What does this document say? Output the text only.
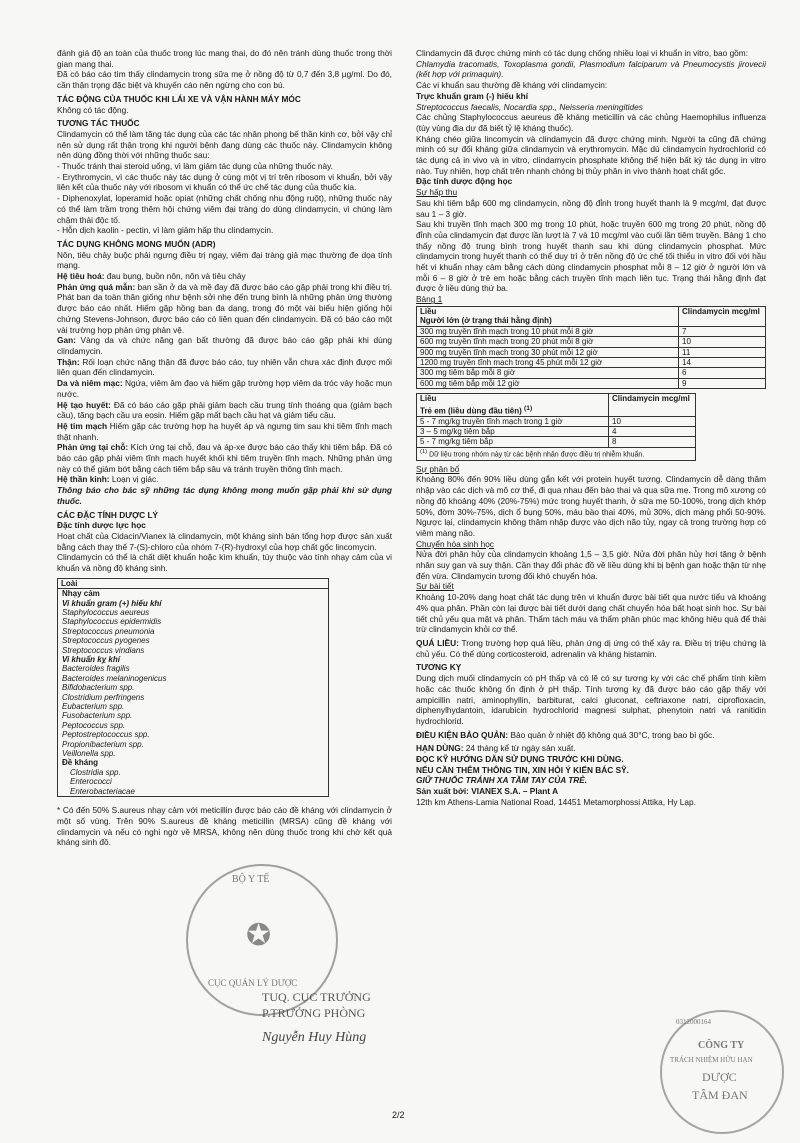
đánh giá độ an toàn của thuốc trong lúc mang thai, do đó nên tránh dùng thuốc trong thời gian mang thai.

Đã có báo cáo tìm thấy clindamycin trong sữa mẹ ở nồng độ từ 0,7 đến 3,8 µg/ml. Do đó, cần thận trọng đặc biệt và khuyến cáo nên ngừng cho con bú.

TÁC ĐỘNG CỦA THUỐC KHI LÁI XE VÀ VẬN HÀNH MÁY MÓC

Không có tác động.

TƯƠNG TÁC THUỐC

Clindamycin có thể làm tăng tác dụng của các tác nhân phong bế thần kinh cơ, bởi vậy chỉ nên sử dụng rất thận trọng khi người bệnh đang dùng các thuốc này. Clindamycin không nên dùng đồng thời với những thuốc sau:

- Thuốc tránh thai steroid uống, vì làm giảm tác dụng của những thuốc này.

- Erythromycin, vì các thuốc này tác dụng ở cùng một vị trí trên ribosom vi khuẩn, bởi vậy liên kết của thuốc này với ribosom vi khuẩn có thể ức chế tác dụng của thuốc kia.

- Diphenoxylat, loperamid hoặc opiat (những chất chống nhu động ruột), những thuốc này có thể làm trầm trọng thêm hội chứng viêm đại tràng do dùng clindamycin, vì chúng làm chậm thải độc tố.

- Hỗn dịch kaolin - pectin, vì làm giảm hấp thu clindamycin.

TÁC DỤNG KHÔNG MONG MUỐN (ADR)

Nôn, tiêu chảy buộc phải ngưng điều trị ngay, viêm đại tràng giả mạc thường đe dọa tính mạng.

Hệ tiêu hoá: đau bụng, buồn nôn, nôn và tiêu chảy

Phản ứng quá mẫn: ban sần ở da và mề đay đã được báo cáo gặp phải trong khi điều trị. Phát ban da toàn thân giống như bệnh sởi nhẹ đến trung bình là những phản ứng thường được báo cáo nhất. Hiếm gặp hồng ban đa dạng, trong đó một vài biểu hiện giống hội chứng Stevens-Johnson, được báo cáo có liên quan đến clindamycin. Đã có báo cáo một vài trường hợp phản ứng phản vệ.

Gan: Vàng da và chức năng gan bất thường đã được báo cáo gặp phải khi dùng clindamycin.

Thận: Rối loạn chức năng thận đã được báo cáo, tuy nhiên vẫn chưa xác định được mối liên quan đến clindamycin.

Da và niêm mạc: Ngứa, viêm âm đạo và hiếm gặp trường hợp viêm da tróc vảy hoặc mụn nước.

Hệ tạo huyết: Đã có báo cáo gặp phải giảm bạch cầu trung tính thoáng qua (giảm bạch cầu), tăng bạch cầu ưa eosin. Hiếm gặp mất bạch cầu hạt và giảm tiểu cầu.

Hệ tim mạch Hiếm gặp các trường hợp hạ huyết áp và ngưng tim sau khi tiêm tĩnh mạch thật nhanh.

Phản ứng tại chỗ: Kích ứng tại chỗ, đau và áp-xe được báo cáo thấy khi tiêm bắp. Đã có báo cáo gặp phải viêm tĩnh mạch huyết khối khi tiêm truyền tĩnh mạch. Những phản ứng này có thể giảm bớt bằng cách tiêm bắp sâu và tránh truyền thông tĩnh mạch.

Hệ thần kinh: Loạn vị giác.

Thông báo cho bác sỹ những tác dụng không mong muốn gặp phải khi sử dụng thuốc.

CÁC ĐẶC TÍNH DƯỢC LÝ

Đặc tính dược lực học

Hoạt chất của Cidacin/Vianex là clindamycin, một kháng sinh bán tổng hợp được sản xuất bằng cách thay thế 7-(S)-chloro của nhóm 7-(R)-hydroxyl của hợp chất gốc lincomycin.

Clindamycin có thể là chất diệt khuẩn hoặc kìm khuẩn, tùy thuộc vào tính nhạy cảm của vi khuẩn và nồng độ kháng sinh.

Loài
Nhạy cảm
Vi khuẩn gram (+) hiếu khí
Staphylococcus aeureus
Staphylococcus epidermidis
Streptococcus pneumonia
Streptococcus pyogenes
Streptococcus vindians
Vi khuẩn kỵ khí
Bacteroides fragilis
Bacteroides melaninogenicus
Bifidobacterium spp.
Clostridium perfringens
Eubacterium spp.
Fusobacterium spp.
Peptococcus spp.
Peptostreptococcus spp.
Propionibacterium spp.
Veillonella spp.
Đề kháng
Clostridia spp.
Enterococci
Enterobacteriacae

* Có đến 50% S.aureus nhạy cảm với meticillin được báo cáo đề kháng với clindamycin ở một số vùng. Trên 90% S.aureus đề kháng meticillin (MRSA) cũng đề kháng với clindamycin và nếu có nghi ngờ về MRSA, không nên dùng thuốc trong khi chờ kết quả kháng sinh đồ.

Clindamycin đã được chứng minh có tác dụng chống nhiều loại vi khuẩn in vitro, bao gồm:

Chlamydia tracomatis, Toxoplasma gondii, Plasmodium falciparum và Pneumocystis jirovecii (kết hợp với primaquin).

Các vi khuẩn sau thường đề kháng với clindamycin:

Trực khuẩn gram (-) hiếu khí

Streptococcus faecalis, Nocardia spp., Neisseria meningitides

Các chủng Staphylococcus aeureus đề kháng meticillin và các chủng Haemophilus influenza (tùy vùng địa dư đã biết tỷ lệ kháng thuốc).

Kháng chéo giữa lincomycin và clindamycin đã được chứng minh. Người ta cũng đã chứng minh có sự đối kháng giữa clindamycin và erythromycin. Mặc dù clindamycin hydrochlorid có tác dụng cả in vivo và in vitro, clindamycin phosphate không thể hiện bất kỳ tác dụng in vitro nào. Tuy nhiên, hợp chất trên nhanh chóng bị thủy phân in vivo thành hoạt chất gốc.

Đặc tính dược động học

Sự hấp thu

Sau khi tiêm bắp 600 mg clindamycin, nồng độ đỉnh trong huyết thanh là 9 mcg/ml, đạt được sau 1 – 3 giờ.

Sau khi truyền tĩnh mạch 300 mg trong 10 phút, hoặc truyền 600 mg trong 20 phút, nồng độ đỉnh của clindamycin đạt được lần lượt là 7 và 10 mcg/ml vào cuối lần tiêm truyền. Bảng 1 cho thấy nồng độ trung bình trong huyết thanh sau khi dùng clindamycin phosphat. Mức clindamycin trong huyết thanh có thể duy trì ở trên nồng độ ức chế tối thiểu in vitro đối với hầu hết vi khuẩn nhạy cảm bằng cách dùng clindamycin phosphat mỗi 8 – 12 giờ ở người lớn và mỗi 6 – 8 giờ ở trẻ em hoặc bằng cách truyền tĩnh mạch liên tục. Trạng thái hằng định đạt được ở liều dùng thứ ba.

Bảng 1

Liều
Người lớn (ở trạng thái hằng định)	Clindamycin mcg/ml
300 mg truyền tĩnh mạch trong 10 phút mỗi 8 giờ	7
600 mg truyền tĩnh mạch trong 20 phút mỗi 8 giờ	10
900 mg truyền tĩnh mạch trong 30 phút mỗi 12 giờ	11
1200 mg truyền tĩnh mạch trong 45 phút mỗi 12 giờ	14
300 mg tiêm bắp mỗi 8 giờ	6
600 mg tiêm bắp mỗi 12 giờ	9
Liều
Trẻ em (liều dùng đầu tiên) $^{(1)}$	Clindamycin mcg/ml
5 - 7 mg/kg truyền tĩnh mạch trong 1 giờ	10
3 – 5 mg/kg tiêm bắp	4
5 - 7 mg/kg tiêm bắp	8
$^{(1)}$ Dữ liệu trong nhóm này từ các bệnh nhân được điều trị nhiễm khuẩn.	

Sự phân bố

Khoảng 80% đến 90% liều dùng gắn kết với protein huyết tương. Clindamycin dễ dàng thâm nhập vào các dịch và mô cơ thể, đi qua nhau đến bào thai và qua sữa mẹ. Trong mô xương có nồng độ khoảng 40% (20%-75%) mức trong huyết thanh, ở sữa mẹ 50-100%, trong dịch khớp 50%, đờm 30%-75%, dịch ổ bụng 50%, máu bào thai 40%, mủ 30%, dịch màng phổi 50-90%. Ngược lại, clindamycin không thâm nhập được vào dịch não tủy, ngay cả trong trường hợp có viêm màng não.

Chuyển hóa sinh học

Nửa đời phân hủy của clindamycin khoảng 1,5 – 3,5 giờ. Nửa đời phân hủy hơi tăng ở bệnh nhân suy gan và suy thận. Cần thay đổi phác đồ về liều dùng khi bị bệnh gan hoặc thận từ nhẹ đến vừa. Clindamycin tương đối khó chuyển hóa.

Sự bài tiết

Khoảng 10-20% dạng hoạt chất tác dụng trên vi khuẩn được bài tiết qua nước tiểu và khoảng 4% qua phân. Phần còn lại được bài tiết dưới dạng chất chuyển hóa bất hoạt sinh học. Sự bài tiết chủ yếu qua mật và phân. Thẩm tách máu và thẩm phân phúc mạc không hiệu quả để thải trừ clindamycin khỏi cơ thể.

QUÁ LIỀU: Trong trường hợp quá liều, phản ứng dị ứng có thể xảy ra. Điều trị triệu chứng là chủ yếu. Có thể dùng corticosteroid, adrenalin và kháng histamin.

TƯƠNG KỴ

Dung dịch muối clindamycin có pH thấp và có lẽ có sự tương kỵ với các chế phẩm tính kiềm hoặc các thuốc không ổn định ở pH thấp. Tính tương kỵ đã được báo cáo gặp thấy với ampicillin natri, aminophyllin, barbiturat, calci gluconat, ceftriaxone natri, ciprofloxacin, diphenylhydantoin, idarubicin hydrochlorid magnesi sulphat, phenytoin natri và ranitidin hydrochlorid.

ĐIỀU KIỆN BẢO QUẢN: Bảo quản ở nhiệt độ không quá 30°C, trong bao bì gốc.

HẠN DÙNG: 24 tháng kể từ ngày sản xuất.

ĐỌC KỸ HƯỚNG DẪN SỬ DỤNG TRƯỚC KHI DÙNG.

NẾU CẦN THÊM THÔNG TIN, XIN HỎI Ý KIẾN BÁC SỸ.

GIỮ THUỐC TRÁNH XA TẦM TAY CỦA TRẺ.

Sản xuất bởi: VIANEX S.A. – Plant A

12th km Athens-Lamia National Road, 14451 Metamorphossi Attika, Hy Lạp.

BỘ Y TẾ
CỤC QUẢN LÝ DƯỢC
✪
TUQ. CỤC TRƯỞNG
P.TRƯỞNG PHÒNG
Nguyễn Huy Hùng
0312000164
CÔNG TY
TRÁCH NHIỆM HỮU HẠN
DƯỢC
TÂM ĐAN
2/2
